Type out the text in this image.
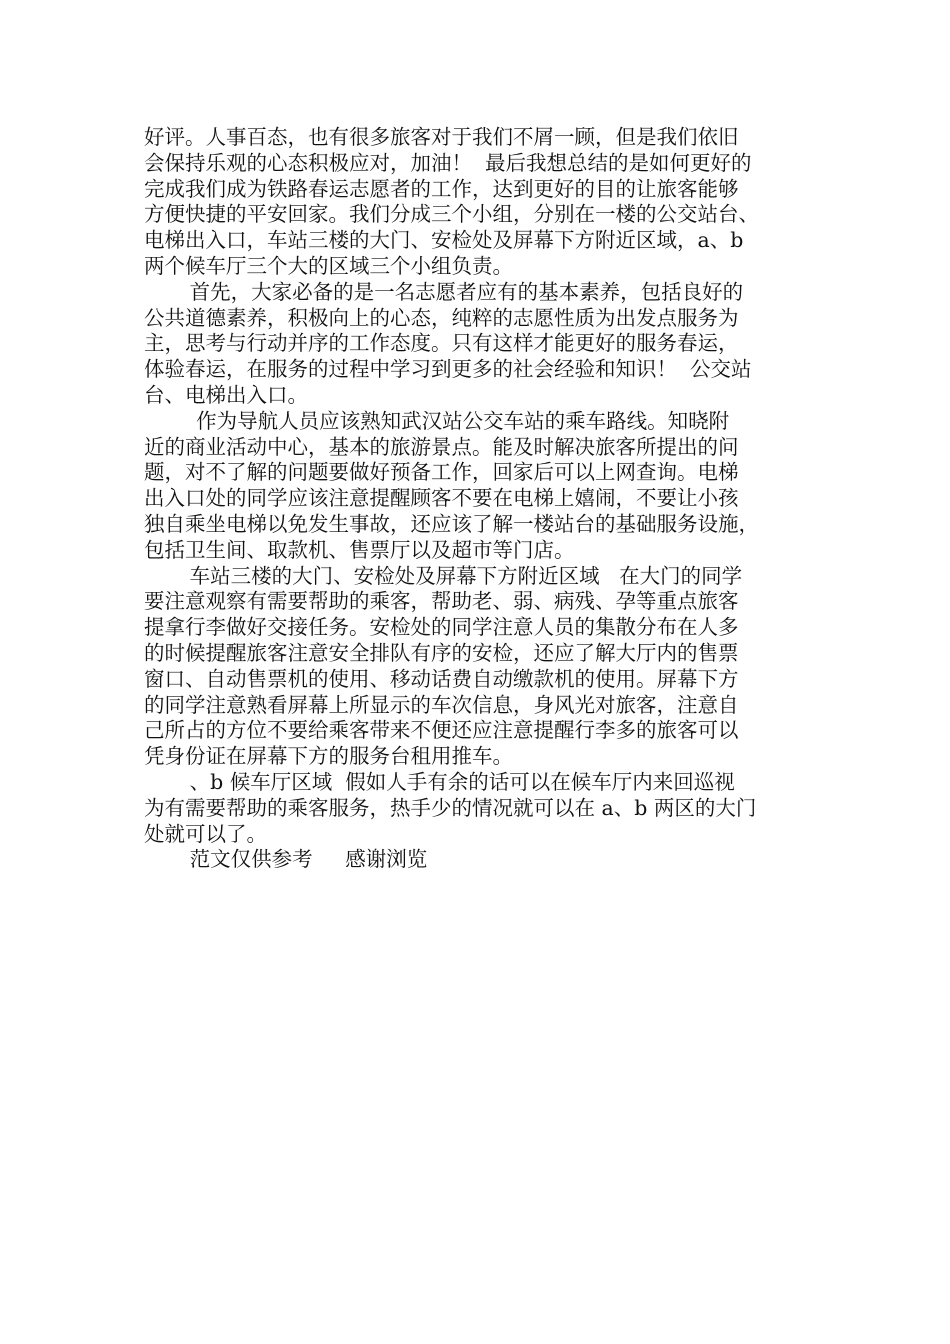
好评。人事百态，也有很多旅客对于我们不屑一顾，但是我们依旧
会保持乐观的心态积极应对，加油！  最后我想总结的是如何更好的
完成我们成为铁路春运志愿者的工作，达到更好的目的让旅客能够
方便快捷的平安回家。我们分成三个小组，分别在一楼的公交站台、
电梯出入口，车站三楼的大门、安检处及屏幕下方附近区域，a、b
两个候车厅三个大的区域三个小组负责。
首先，大家必备的是一名志愿者应有的基本素养，包括良好的
公共道德素养，积极向上的心态，纯粹的志愿性质为出发点服务为
主，思考与行动并序的工作态度。只有这样才能更好的服务春运，
体验春运，在服务的过程中学习到更多的社会经验和知识！  公交站
台、电梯出入口。
作为导航人员应该熟知武汉站公交车站的乘车路线。知晓附
近的商业活动中心，基本的旅游景点。能及时解决旅客所提出的问
题，对不了解的问题要做好预备工作，回家后可以上网查询。电梯
出入口处的同学应该注意提醒顾客不要在电梯上嬉闹，不要让小孩
独自乘坐电梯以免发生事故，还应该了解一楼站台的基础服务设施，
包括卫生间、取款机、售票厅以及超市等门店。
车站三楼的大门、安检处及屏幕下方附近区域   在大门的同学
要注意观察有需要帮助的乘客，帮助老、弱、病残、孕等重点旅客
提拿行李做好交接任务。安检处的同学注意人员的集散分布在人多
的时候提醒旅客注意安全排队有序的安检，还应了解大厅内的售票
窗口、自动售票机的使用、移动话费自动缴款机的使用。屏幕下方
的同学注意熟看屏幕上所显示的车次信息，身风光对旅客，注意自
己所占的方位不要给乘客带来不便还应注意提醒行李多的旅客可以
凭身份证在屏幕下方的服务台租用推车。
、b 候车厅区域  假如人手有余的话可以在候车厅内来回巡视
为有需要帮助的乘客服务，热手少的情况就可以在 a、b 两区的大门
处就可以了。
范文仅供参考     感谢浏览
